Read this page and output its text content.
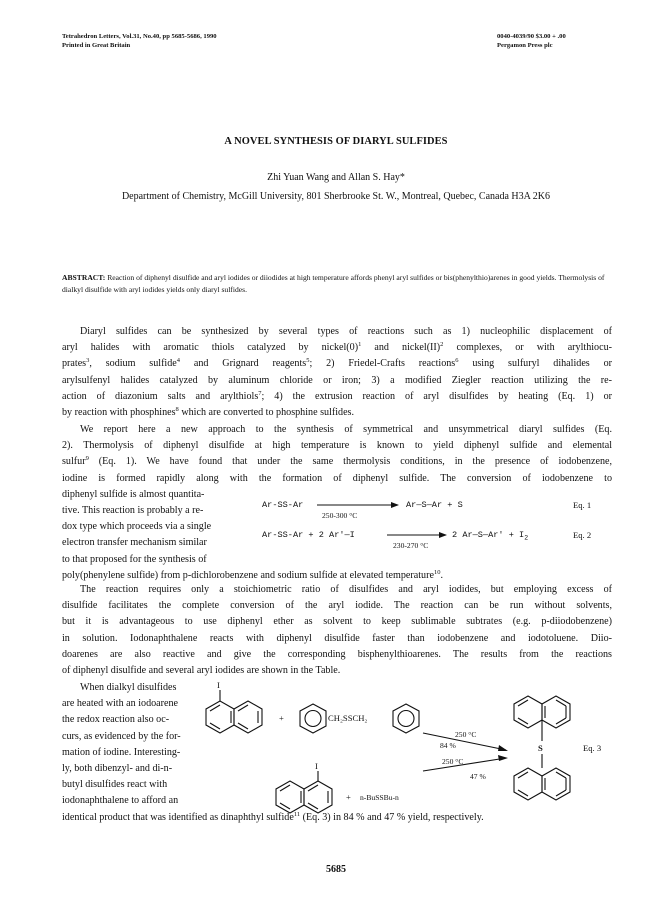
Tetrahedron Letters, Vol.31, No.40, pp 5685-5686, 1990
Printed in Great Britain
0040-4039/90 $3.00 + .00
Pergamon Press plc
A NOVEL SYNTHESIS OF DIARYL SULFIDES
Zhi Yuan Wang and Allan S. Hay*
Department of Chemistry, McGill University, 801 Sherbrooke St. W., Montreal, Quebec, Canada H3A 2K6
ABSTRACT: Reaction of diphenyl disulfide and aryl iodides or diiodides at high temperature affords phenyl aryl sulfides or bis(phenylthio)arenes in good yields. Thermolysis of dialkyl disulfide with aryl iodides yields only diaryl sulfides.
Diaryl sulfides can be synthesized by several types of reactions such as 1) nucleophilic displacement of
aryl halides with aromatic thiols catalyzed by $nickel(0)^1$ and nickel(II)$^2$ complexes, or with arylthiocu-
prates$^3$, sodium sulfide$^4$ and Grignard reagents$^5$; 2) Friedel-Crafts reactions$^6$ using sulfuryl dihalides or
arylsulfenyl halides catalyzed by aluminum chloride or iron; 3) a modified Ziegler reaction utilizing the re-
action of diazonium salts and arylthiols$^7$; 4) the extrusion reaction of aryl disulfides by heating (Eq. 1) or
by reaction with phosphines$^8$ which are converted to phosphine sulfides.
We report here a new approach to the synthesis of symmetrical and unsymmetrical diaryl sulfides (Eq.
2). Thermolysis of diphenyl disulfide at high temperature is known to yield diphenyl sulfide and elemental
sulfur$^9$ (Eq. 1). We have found that under the same thermolysis conditions, in the presence of iodobenzene,
iodine is formed rapidly along with the formation of diphenyl sulfide. The conversion of iodobenzene to
diphenyl sulfide is almost quantita-
tive. This reaction is probably a re-
dox type which proceeds via a single
electron transfer mechanism similar
to that proposed for the synthesis of
poly(phenylene sulfide) from p-dichlorobenzene and sodium sulfide at elevated temperature$^{10}$.
Ar-SS-Ar	Ar—S—Ar + S
250-300 °C
Eq. 1
Ar-SS-Ar + 2 Ar'—I	2 Ar—S—Ar' + $I_2$
230-270 °C
Eq. 2
The reaction requires only a stoichiometric ratio of disulfides and aryl iodides, but employing excess of
disulfide facilitates the complete conversion of the aryl iodide. The reaction can be run without solvents,
but it is advantageous to use diphenyl ether as solvent to keep sublimable subtrates (e.g. p-diiodobenzene)
in solution. Iodonaphthalene reacts with diphenyl disulfide faster than iodobenzene and iodotoluene. Diio-
doarenes are also reactive and give the corresponding bisphenylthioarenes. The results from the reactions
of diphenyl disulfide and several aryl iodides are shown in the Table.
When dialkyl disulfides
are heated with an iodoarene
the redox reaction also oc-
curs, as evidenced by the for-
mation of iodine. Interesting-
ly, both dibenzyl- and di-n-
butyl disulfides react with
iodonaphthalene to afford an
identical product that was identified as dinaphthyl sulfide$^{11}$ (Eq. 3) in 84 % and 47 % yield, respectively.
I
+	CH₂SSCH₂
250 °C
84 %
I
+ n-BuSSBu-n
250 °C
47 %
S	Eq. 3
5685
